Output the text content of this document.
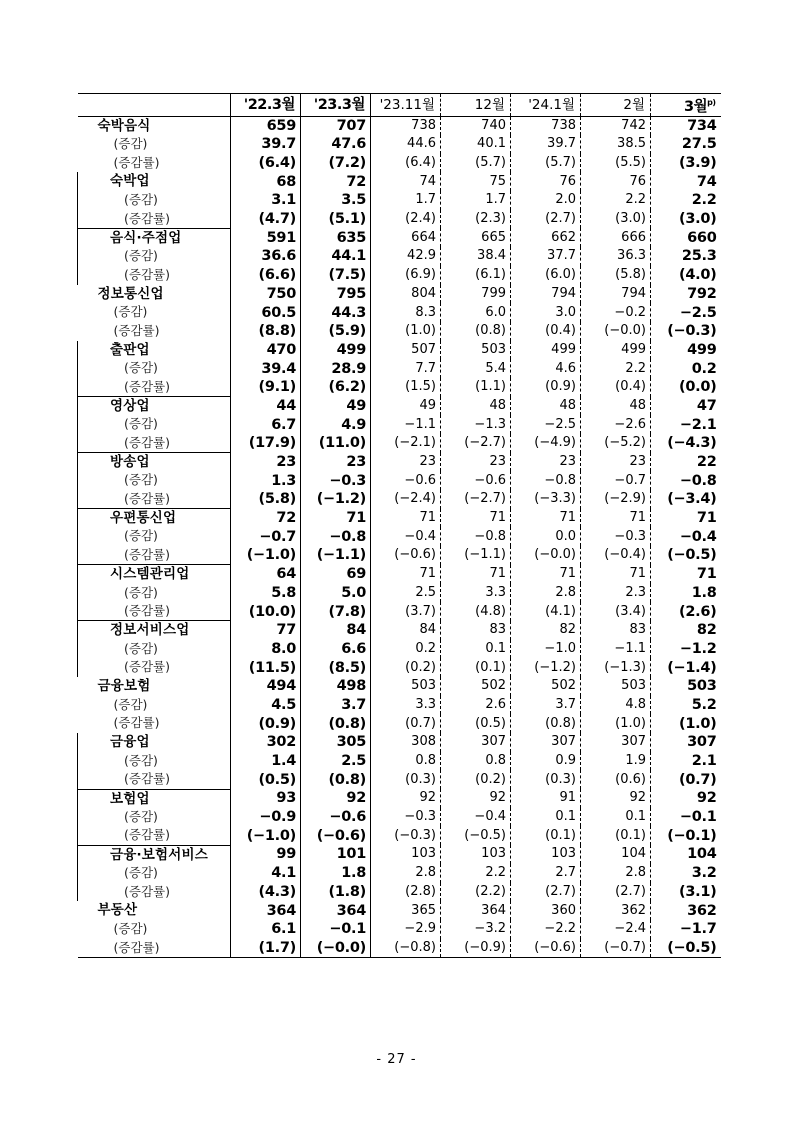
	'22.3월	'23.3월	'23.11월	12월	'24.1월	2월	3월$^{p)}$

숙박음식	659	707	738	740	738	742	734

(증감)	39.7	47.6	44.6	40.1	39.7	38.5	27.5

(증감률)	(6.4)	(7.2)	(6.4)	(5.7)	(5.7)	(5.5)	(3.9)

숙박업	68	72	74	75	76	76	74

(증감)	3.1	3.5	1.7	1.7	2.0	2.2	2.2

(증감률)	(4.7)	(5.1)	(2.4)	(2.3)	(2.7)	(3.0)	(3.0)

음식·주점업	591	635	664	665	662	666	660

(증감)	36.6	44.1	42.9	38.4	37.7	36.3	25.3

(증감률)	(6.6)	(7.5)	(6.9)	(6.1)	(6.0)	(5.8)	(4.0)

정보통신업	750	795	804	799	794	794	792

(증감)	60.5	44.3	8.3	6.0	3.0	−0.2	−2.5

(증감률)	(8.8)	(5.9)	(1.0)	(0.8)	(0.4)	(−0.0)	(−0.3)

출판업	470	499	507	503	499	499	499

(증감)	39.4	28.9	7.7	5.4	4.6	2.2	0.2

(증감률)	(9.1)	(6.2)	(1.5)	(1.1)	(0.9)	(0.4)	(0.0)

영상업	44	49	49	48	48	48	47

(증감)	6.7	4.9	−1.1	−1.3	−2.5	−2.6	−2.1

(증감률)	(17.9)	(11.0)	(−2.1)	(−2.7)	(−4.9)	(−5.2)	(−4.3)

방송업	23	23	23	23	23	23	22

(증감)	1.3	−0.3	−0.6	−0.6	−0.8	−0.7	−0.8

(증감률)	(5.8)	(−1.2)	(−2.4)	(−2.7)	(−3.3)	(−2.9)	(−3.4)

우편통신업	72	71	71	71	71	71	71

(증감)	−0.7	−0.8	−0.4	−0.8	0.0	−0.3	−0.4

(증감률)	(−1.0)	(−1.1)	(−0.6)	(−1.1)	(−0.0)	(−0.4)	(−0.5)

시스템관리업	64	69	71	71	71	71	71

(증감)	5.8	5.0	2.5	3.3	2.8	2.3	1.8

(증감률)	(10.0)	(7.8)	(3.7)	(4.8)	(4.1)	(3.4)	(2.6)

정보서비스업	77	84	84	83	82	83	82

(증감)	8.0	6.6	0.2	0.1	−1.0	−1.1	−1.2

(증감률)	(11.5)	(8.5)	(0.2)	(0.1)	(−1.2)	(−1.3)	(−1.4)

금융보험	494	498	503	502	502	503	503

(증감)	4.5	3.7	3.3	2.6	3.7	4.8	5.2

(증감률)	(0.9)	(0.8)	(0.7)	(0.5)	(0.8)	(1.0)	(1.0)

금융업	302	305	308	307	307	307	307

(증감)	1.4	2.5	0.8	0.8	0.9	1.9	2.1

(증감률)	(0.5)	(0.8)	(0.3)	(0.2)	(0.3)	(0.6)	(0.7)

보험업	93	92	92	92	91	92	92

(증감)	−0.9	−0.6	−0.3	−0.4	0.1	0.1	−0.1

(증감률)	(−1.0)	(−0.6)	(−0.3)	(−0.5)	(0.1)	(0.1)	(−0.1)

금융·보험서비스	99	101	103	103	103	104	104

(증감)	4.1	1.8	2.8	2.2	2.7	2.8	3.2

(증감률)	(4.3)	(1.8)	(2.8)	(2.2)	(2.7)	(2.7)	(3.1)

부동산	364	364	365	364	360	362	362

(증감)	6.1	−0.1	−2.9	−3.2	−2.2	−2.4	−1.7

(증감률)	(1.7)	(−0.0)	(−0.8)	(−0.9)	(−0.6)	(−0.7)	(−0.5)
- 27 -
